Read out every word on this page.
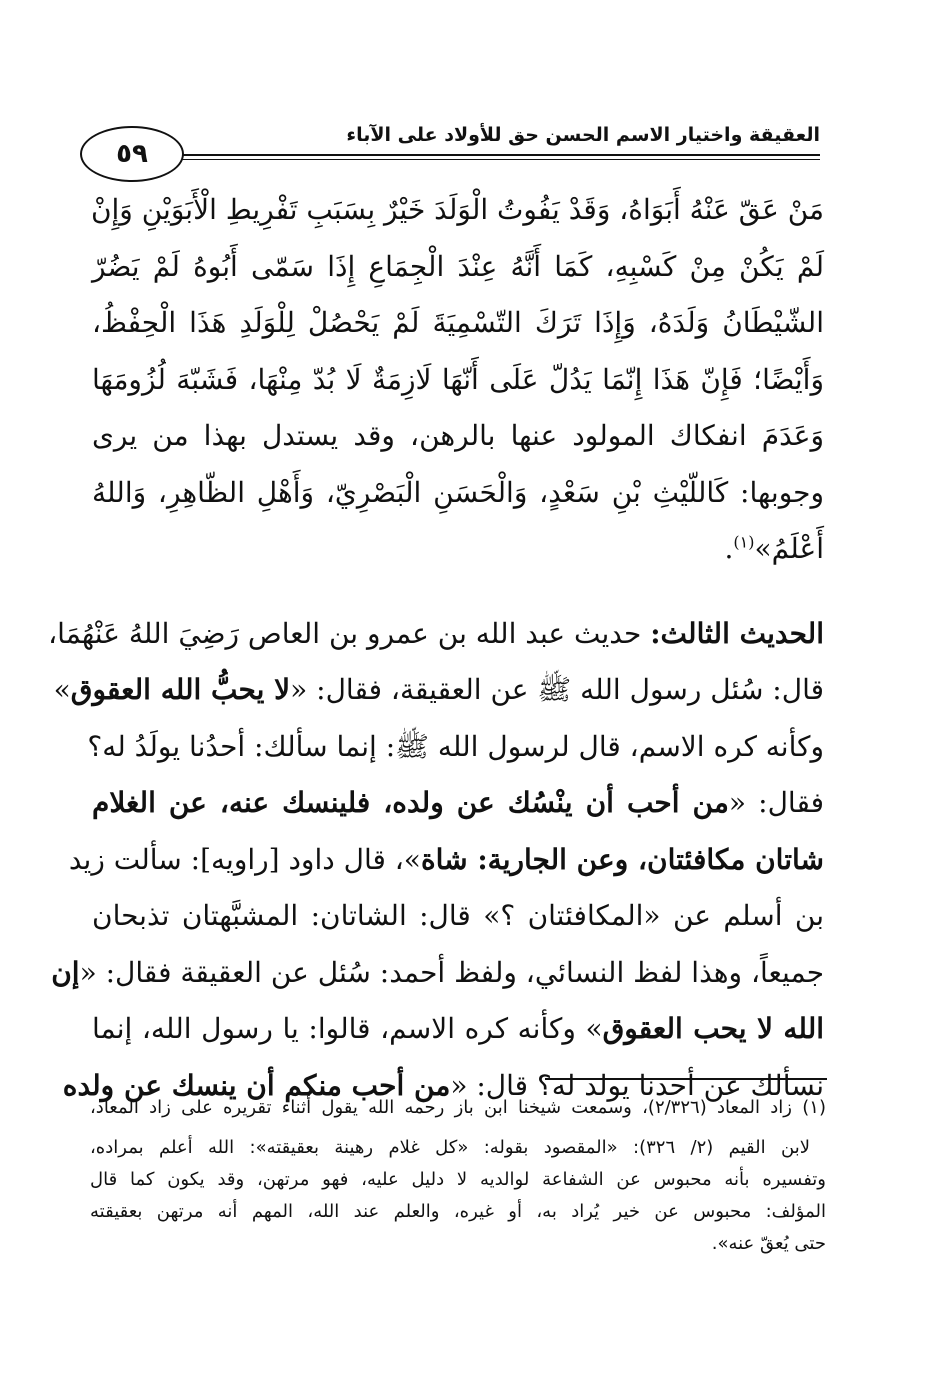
٥٩
العقيقة واختيار الاسم الحسن حق للأولاد على الآباء
مَنْ عَقّ عَنْهُ أَبَوَاهُ، وَقَدْ يَفُوتُ الْوَلَدَ خَيْرٌ بِسَبَبِ تَفْرِيطِ الْأَبَوَيْنِ وَإِنْ
لَمْ يَكُنْ مِنْ كَسْبِهِ، كَمَا أَنَّهُ عِنْدَ الْجِمَاعِ إِذَا سَمّى أَبُوهُ لَمْ يَضُرّ
الشّيْطَانُ وَلَدَهُ، وَإِذَا تَرَكَ التّسْمِيَةَ لَمْ يَحْصُلْ لِلْوَلَدِ هَذَا الْحِفْظُ،
وَأَيْضًا؛ فَإِنّ هَذَا إِنّمَا يَدُلّ عَلَى أَنّهَا لَازِمَةٌ لَا بُدّ مِنْهَا، فَشَبّهَ لُزُومَهَا
وَعَدَمَ انفكاك المولود عنها بالرهن، وقد يستدل بهذا من يرى
وجوبها: كَاللّيْثِ بْنِ سَعْدٍ، وَالْحَسَنِ الْبَصْرِيّ، وَأَهْلِ الظّاهِرِ، وَاللهُ
أَعْلَمُ»$^{(١)}$.
الحديث الثالث: حديث عبد الله بن عمرو بن العاص رَضِيَ اللهُ عَنْهُمَا،
قال: سُئل رسول الله ﷺ عن العقيقة، فقال: «لا يحبُّ الله العقوق»
وكأنه كره الاسم، قال لرسول الله ﷺ: إنما سألك: أحدُنا يولَدُ له؟
فقال: «من أحب أن ينْسُك عن ولده، فلينسك عنه، عن الغلام
شاتان مكافئتان، وعن الجارية: شاة»، قال داود [راويه]: سألت زيد
بن أسلم عن «المكافئتان ؟» قال: الشاتان: المشبَّهتان تذبحان
جميعاً، وهذا لفظ النسائي، ولفظ أحمد: سُئل عن العقيقة فقال: «إن
الله لا يحب العقوق» وكأنه كره الاسم، قالوا: يا رسول الله، إنما
نسألك عن أحدنا يولد له؟ قال: «من أحب منكم أن ينسك عن ولده
(١) زاد المعاد (٢/٣٢٦)، وسمعت شيخنا ابن باز رحمه الله يقول أثناء تقريره على زاد المعاد،
لابن القيم (٢/ ٣٢٦): «المقصود بقوله: «كل غلام رهينة بعقيقته»: الله أعلم بمراده،
وتفسيره بأنه محبوس عن الشفاعة لوالديه لا دليل عليه، فهو مرتهن، وقد يكون كما قال
المؤلف: محبوس عن خير يُراد به، أو غيره، والعلم عند الله، المهم أنه مرتهن بعقيقته
حتى يُعقّ عنه».
